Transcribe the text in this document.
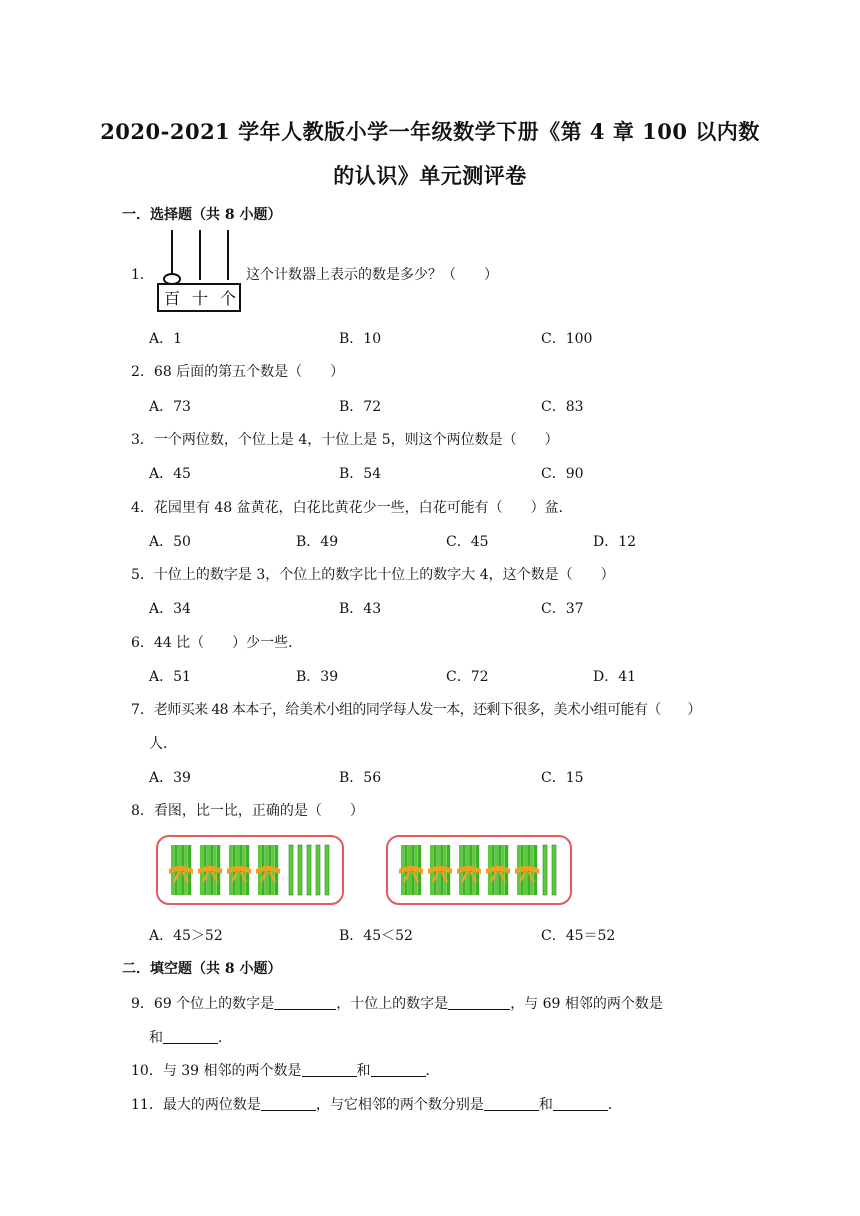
2020-2021 学年人教版小学一年级数学下册《第 4 章 100 以内数
的认识》单元测评卷
一．选择题（共 8 小题）
1．
百 十 个
这个计数器上表示的数是多少？（　　）
A．1	B．10	C．100
2．68 后面的第五个数是（　　）
A．73	B．72	C．83
3．一个两位数，个位上是 4，十位上是 5，则这个两位数是（　　）
A．45	B．54	C．90
4．花园里有 48 盆黄花，白花比黄花少一些，白花可能有（　　）盆．
A．50	B．49	C．45	D．12
5．十位上的数字是 3，个位上的数字比十位上的数字大 4，这个数是（　　）
A．34	B．43	C．37
6．44 比（　　）少一些．
A．51	B．39	C．72	D．41
7．老师买来 48 本本子，给美术小组的同学每人发一本，还剩下很多，美术小组可能有（　　）
人．
A．39	B．56	C．15
8．看图，比一比，正确的是（　　）
A．45＞52	B．45＜52	C．45＝52
二．填空题（共 8 小题）
9．69 个位上的数字是	，十位上的数字是	，与 69 相邻的两个数是
和	．
10．与 39 相邻的两个数是	和	．
11．最大的两位数是	，与它相邻的两个数分别是	和	．
